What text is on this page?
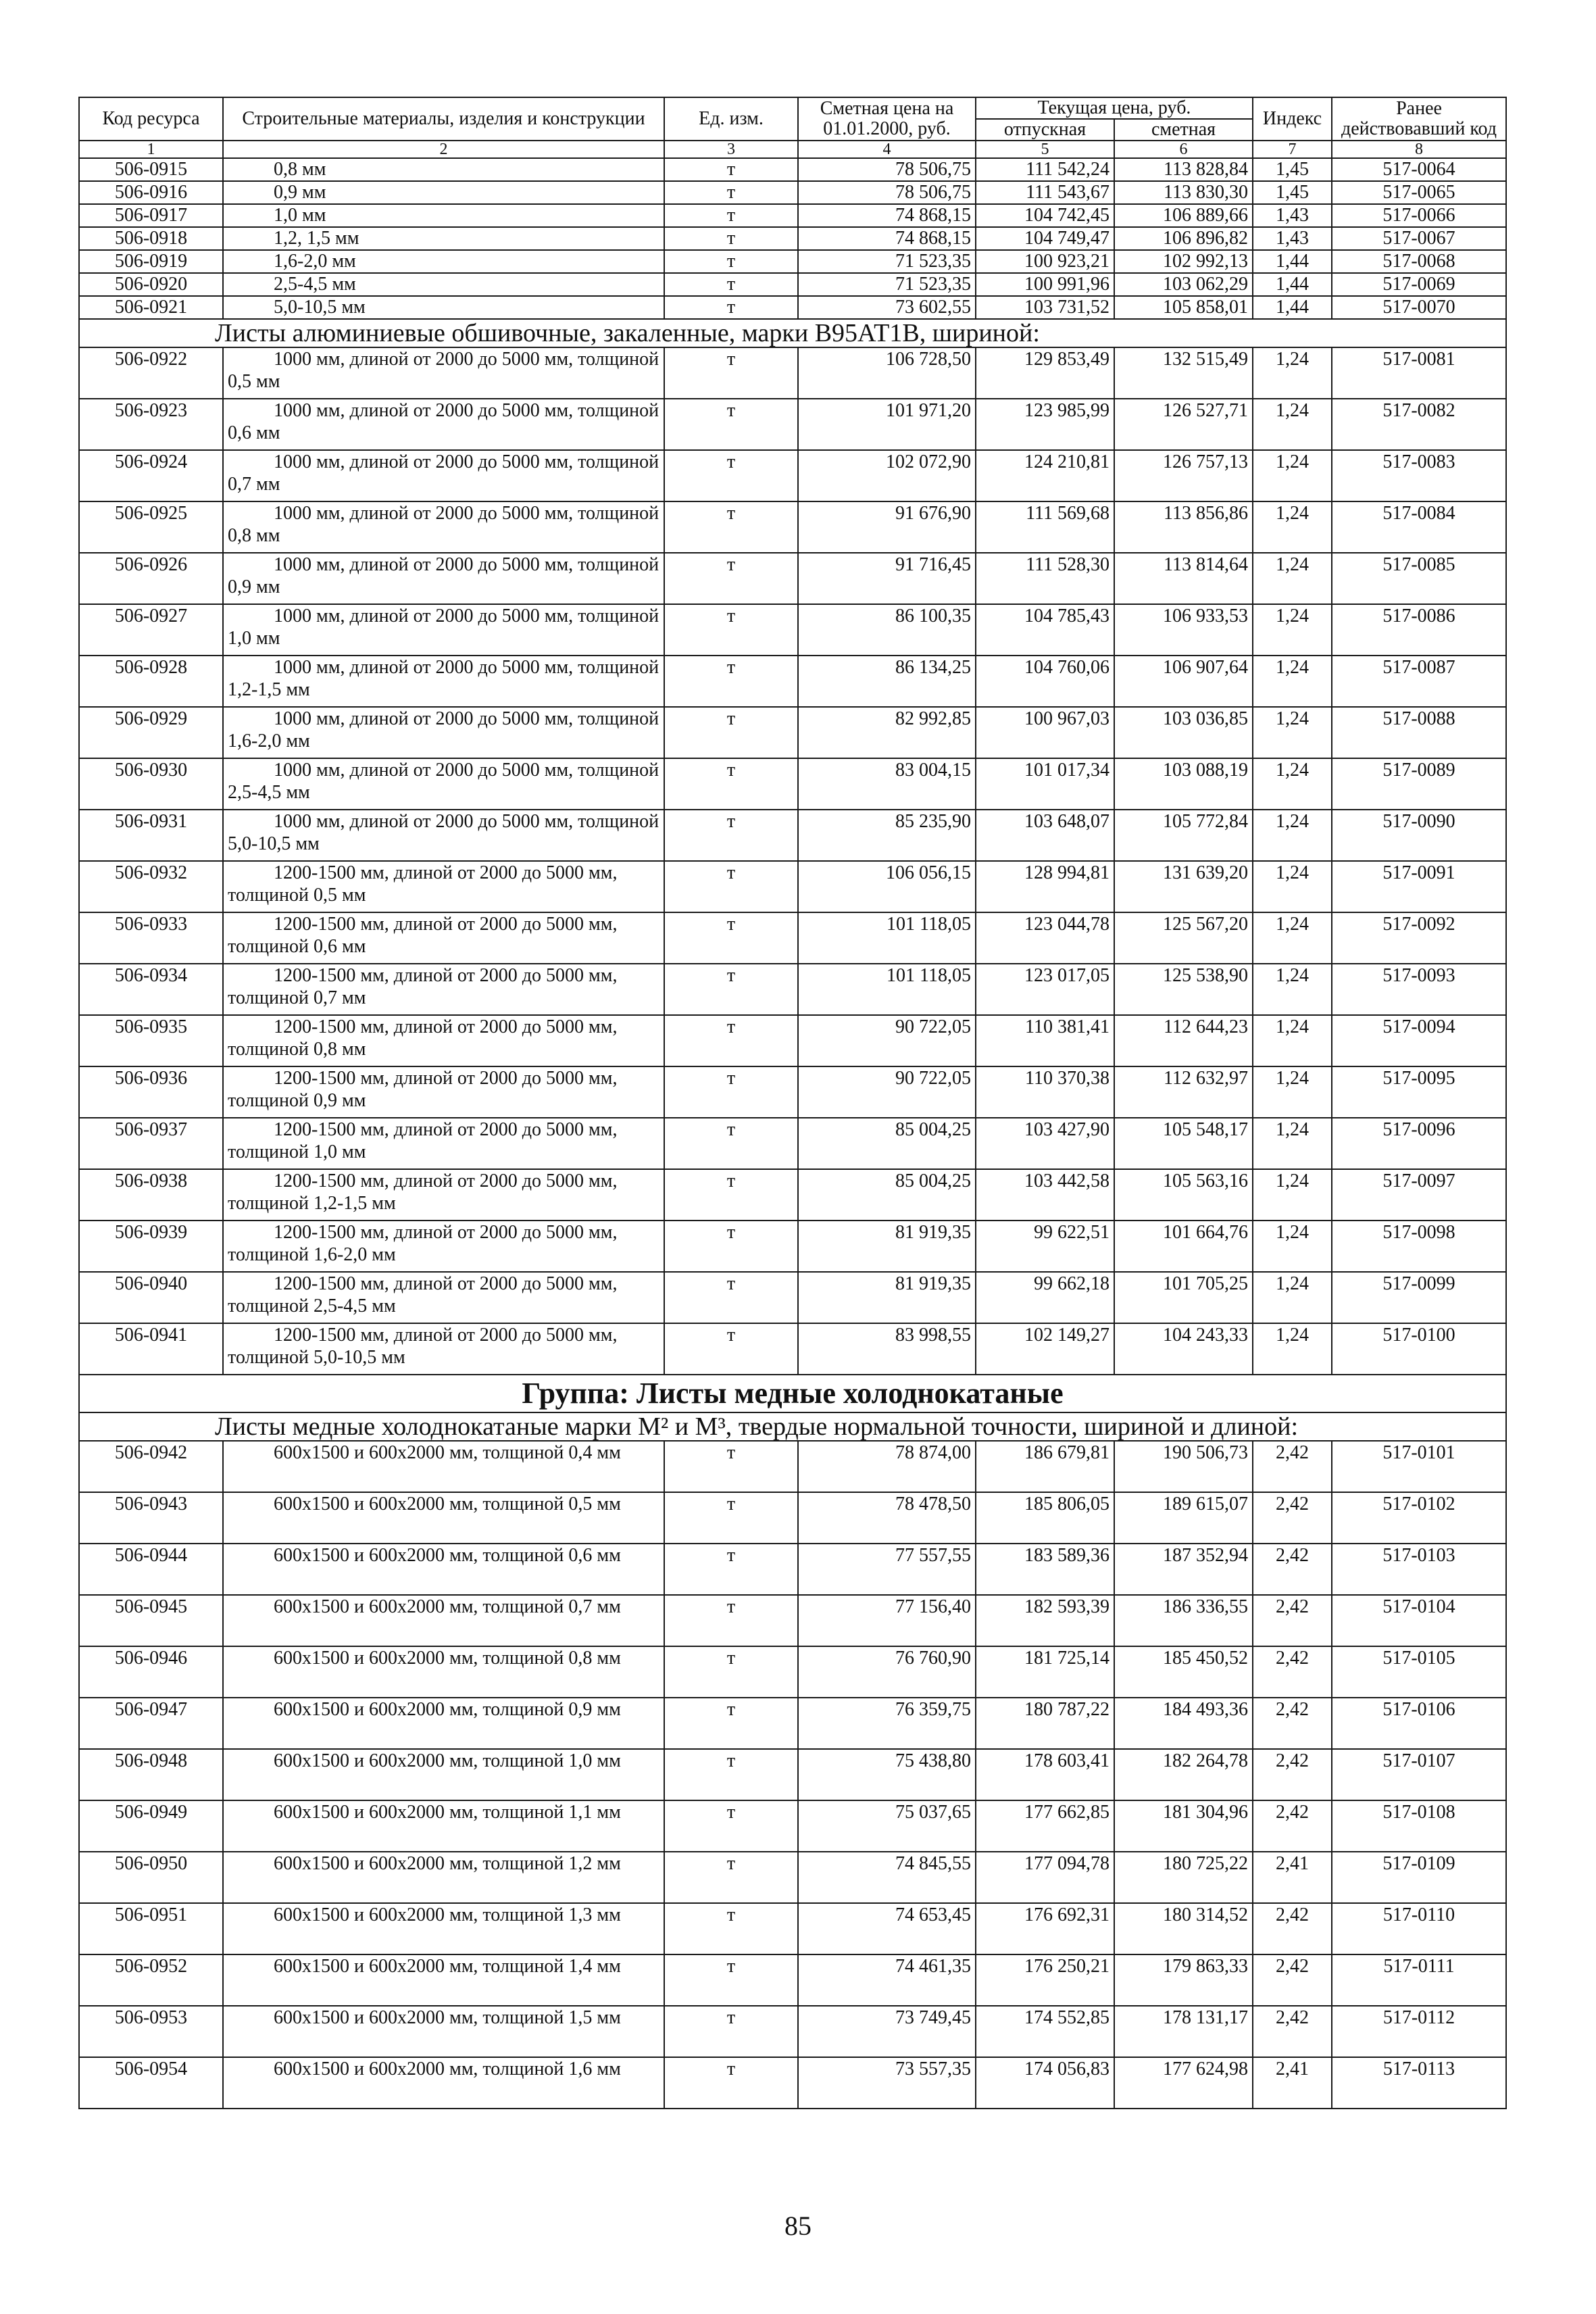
Код ресурса	Строительные материалы, изделия и конструкции	Ед. изм.	Сметная цена на 01.01.2000, руб.	Текущая цена, руб.		Индекс	Ранее действовавший код
				отпускная	сметная		
1	2	3	4	5	6	7	8
506-0915	0,8 мм	т	78 506,75	111 542,24	113 828,84	1,45	517-0064
506-0916	0,9 мм	т	78 506,75	111 543,67	113 830,30	1,45	517-0065
506-0917	1,0 мм	т	74 868,15	104 742,45	106 889,66	1,43	517-0066
506-0918	1,2, 1,5 мм	т	74 868,15	104 749,47	106 896,82	1,43	517-0067
506-0919	1,6-2,0 мм	т	71 523,35	100 923,21	102 992,13	1,44	517-0068
506-0920	2,5-4,5 мм	т	71 523,35	100 991,96	103 062,29	1,44	517-0069
506-0921	5,0-10,5 мм	т	73 602,55	103 731,52	105 858,01	1,44	517-0070
Листы алюминиевые обшивочные, закаленные, марки В95АТ1В, шириной:							
506-0922	1000 мм, длиной от 2000 до 5000 мм, толщиной 0,5 мм	т	106 728,50	129 853,49	132 515,49	1,24	517-0081
506-0923	1000 мм, длиной от 2000 до 5000 мм, толщиной 0,6 мм	т	101 971,20	123 985,99	126 527,71	1,24	517-0082
506-0924	1000 мм, длиной от 2000 до 5000 мм, толщиной 0,7 мм	т	102 072,90	124 210,81	126 757,13	1,24	517-0083
506-0925	1000 мм, длиной от 2000 до 5000 мм, толщиной 0,8 мм	т	91 676,90	111 569,68	113 856,86	1,24	517-0084
506-0926	1000 мм, длиной от 2000 до 5000 мм, толщиной 0,9 мм	т	91 716,45	111 528,30	113 814,64	1,24	517-0085
506-0927	1000 мм, длиной от 2000 до 5000 мм, толщиной 1,0 мм	т	86 100,35	104 785,43	106 933,53	1,24	517-0086
506-0928	1000 мм, длиной от 2000 до 5000 мм, толщиной 1,2-1,5 мм	т	86 134,25	104 760,06	106 907,64	1,24	517-0087
506-0929	1000 мм, длиной от 2000 до 5000 мм, толщиной 1,6-2,0 мм	т	82 992,85	100 967,03	103 036,85	1,24	517-0088
506-0930	1000 мм, длиной от 2000 до 5000 мм, толщиной 2,5-4,5 мм	т	83 004,15	101 017,34	103 088,19	1,24	517-0089
506-0931	1000 мм, длиной от 2000 до 5000 мм, толщиной 5,0-10,5 мм	т	85 235,90	103 648,07	105 772,84	1,24	517-0090
506-0932	1200-1500 мм, длиной от 2000 до 5000 мм, толщиной 0,5 мм	т	106 056,15	128 994,81	131 639,20	1,24	517-0091
506-0933	1200-1500 мм, длиной от 2000 до 5000 мм, толщиной 0,6 мм	т	101 118,05	123 044,78	125 567,20	1,24	517-0092
506-0934	1200-1500 мм, длиной от 2000 до 5000 мм, толщиной 0,7 мм	т	101 118,05	123 017,05	125 538,90	1,24	517-0093
506-0935	1200-1500 мм, длиной от 2000 до 5000 мм, толщиной 0,8 мм	т	90 722,05	110 381,41	112 644,23	1,24	517-0094
506-0936	1200-1500 мм, длиной от 2000 до 5000 мм, толщиной 0,9 мм	т	90 722,05	110 370,38	112 632,97	1,24	517-0095
506-0937	1200-1500 мм, длиной от 2000 до 5000 мм, толщиной 1,0 мм	т	85 004,25	103 427,90	105 548,17	1,24	517-0096
506-0938	1200-1500 мм, длиной от 2000 до 5000 мм, толщиной 1,2-1,5 мм	т	85 004,25	103 442,58	105 563,16	1,24	517-0097
506-0939	1200-1500 мм, длиной от 2000 до 5000 мм, толщиной 1,6-2,0 мм	т	81 919,35	99 622,51	101 664,76	1,24	517-0098
506-0940	1200-1500 мм, длиной от 2000 до 5000 мм, толщиной 2,5-4,5 мм	т	81 919,35	99 662,18	101 705,25	1,24	517-0099
506-0941	1200-1500 мм, длиной от 2000 до 5000 мм, толщиной 5,0-10,5 мм	т	83 998,55	102 149,27	104 243,33	1,24	517-0100
Группа: Листы медные холоднокатаные							
Листы медные холоднокатаные марки М² и М³, твердые нормальной точности, шириной и длиной:							
506-0942	600x1500 и 600x2000 мм, толщиной 0,4 мм	т	78 874,00	186 679,81	190 506,73	2,42	517-0101
506-0943	600x1500 и 600x2000 мм, толщиной 0,5 мм	т	78 478,50	185 806,05	189 615,07	2,42	517-0102
506-0944	600x1500 и 600x2000 мм, толщиной 0,6 мм	т	77 557,55	183 589,36	187 352,94	2,42	517-0103
506-0945	600x1500 и 600x2000 мм, толщиной 0,7 мм	т	77 156,40	182 593,39	186 336,55	2,42	517-0104
506-0946	600x1500 и 600x2000 мм, толщиной 0,8 мм	т	76 760,90	181 725,14	185 450,52	2,42	517-0105
506-0947	600x1500 и 600x2000 мм, толщиной 0,9 мм	т	76 359,75	180 787,22	184 493,36	2,42	517-0106
506-0948	600x1500 и 600x2000 мм, толщиной 1,0 мм	т	75 438,80	178 603,41	182 264,78	2,42	517-0107
506-0949	600x1500 и 600x2000 мм, толщиной 1,1 мм	т	75 037,65	177 662,85	181 304,96	2,42	517-0108
506-0950	600x1500 и 600x2000 мм, толщиной 1,2 мм	т	74 845,55	177 094,78	180 725,22	2,41	517-0109
506-0951	600x1500 и 600x2000 мм, толщиной 1,3 мм	т	74 653,45	176 692,31	180 314,52	2,42	517-0110
506-0952	600x1500 и 600x2000 мм, толщиной 1,4 мм	т	74 461,35	176 250,21	179 863,33	2,42	517-0111
506-0953	600x1500 и 600x2000 мм, толщиной 1,5 мм	т	73 749,45	174 552,85	178 131,17	2,42	517-0112
506-0954	600x1500 и 600x2000 мм, толщиной 1,6 мм	т	73 557,35	174 056,83	177 624,98	2,41	517-0113
85
